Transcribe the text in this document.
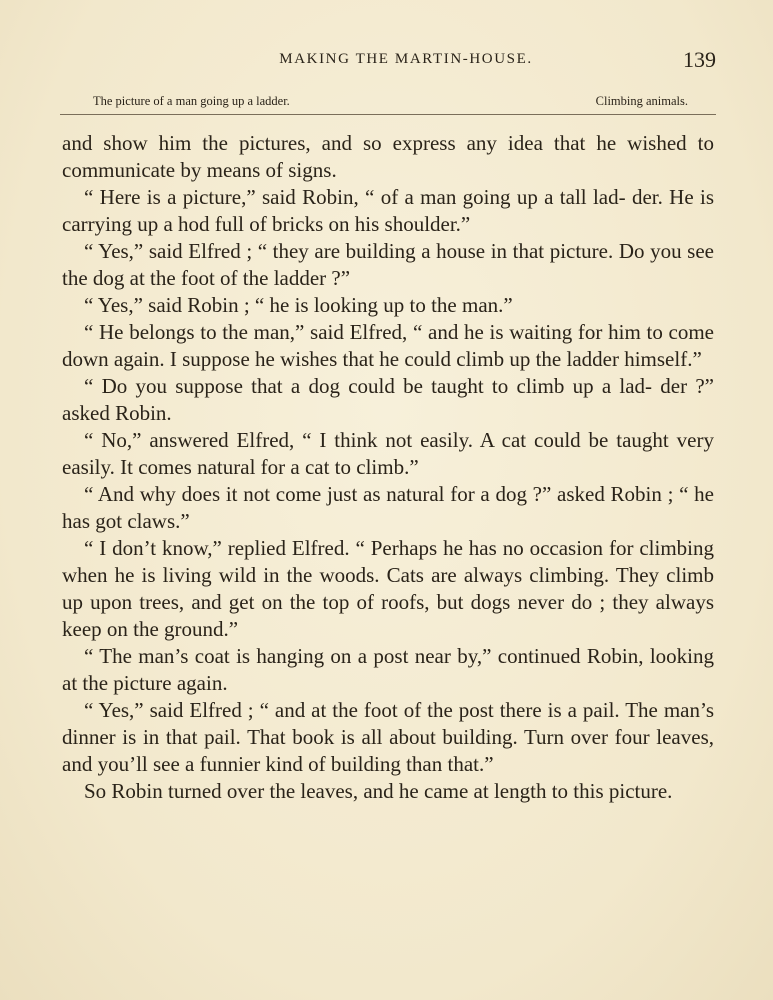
MAKING THE MARTIN-HOUSE.	139
The picture of a man going up a ladder.	Climbing animals.

and show him the pictures, and so express any idea that he wished to communicate by means of signs.

“ Here is a picture,” said Robin, “ of a man going up a tall lad- der. He is carrying up a hod full of bricks on his shoulder.”

“ Yes,” said Elfred ; “ they are building a house in that picture. Do you see the dog at the foot of the ladder ?”

“ Yes,” said Robin ; “ he is looking up to the man.”

“ He belongs to the man,” said Elfred, “ and he is waiting for him to come down again. I suppose he wishes that he could climb up the ladder himself.”

“ Do you suppose that a dog could be taught to climb up a lad- der ?” asked Robin.

“ No,” answered Elfred, “ I think not easily. A cat could be taught very easily. It comes natural for a cat to climb.”

“ And why does it not come just as natural for a dog ?” asked Robin ; “ he has got claws.”

“ I don’t know,” replied Elfred. “ Perhaps he has no occasion for climbing when he is living wild in the woods. Cats are always climbing. They climb up upon trees, and get on the top of roofs, but dogs never do ; they always keep on the ground.”

“ The man’s coat is hanging on a post near by,” continued Robin, looking at the picture again.

“ Yes,” said Elfred ; “ and at the foot of the post there is a pail. The man’s dinner is in that pail. That book is all about building. Turn over four leaves, and you’ll see a funnier kind of building than that.”

So Robin turned over the leaves, and he came at length to this picture.
